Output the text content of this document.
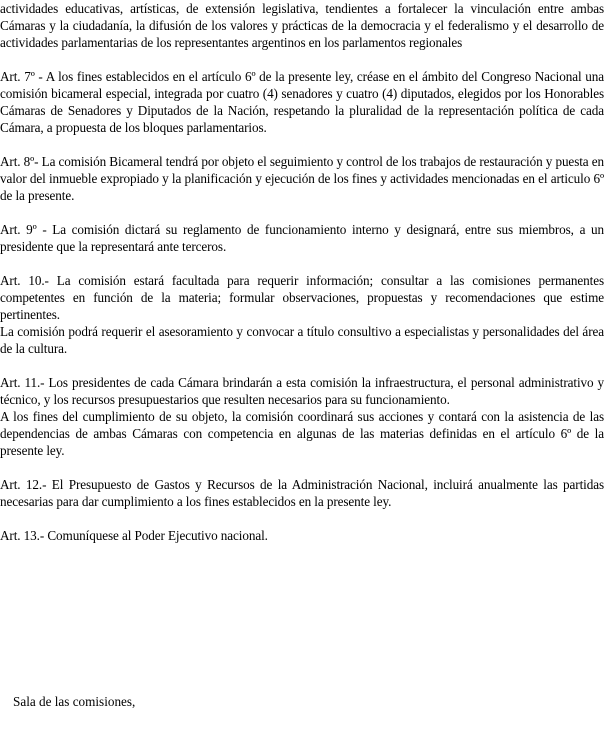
actividades educativas, artísticas, de extensión legislativa, tendientes a fortalecer la vinculación entre ambas Cámaras y la ciudadanía, la difusión de los valores y prácticas de la democracia y el federalismo y el desarrollo de actividades parlamentarias de los representantes argentinos en los parlamentos regionales

Art. 7º - A los fines establecidos en el artículo 6º de la presente ley, créase en el ámbito del Congreso Nacional una comisión bicameral especial, integrada por cuatro (4) senadores y cuatro (4) diputados, elegidos por los Honorables Cámaras de Senadores y Diputados de la Nación, respetando la pluralidad de la representación política de cada Cámara, a propuesta de los bloques parlamentarios.

Art. 8º- La comisión Bicameral tendrá por objeto el seguimiento y control de los trabajos de restauración y puesta en valor del inmueble expropiado y la planificación y ejecución de los fines y actividades mencionadas en el articulo 6º de la presente.

Art. 9º - La comisión dictará su reglamento de funcionamiento interno y designará, entre sus miembros, a un presidente que la representará ante terceros.

Art. 10.- La comisión estará facultada para requerir información; consultar a las comisiones permanentes competentes en función de la materia; formular observaciones, propuestas y recomendaciones que estime pertinentes.

La comisión podrá requerir el asesoramiento y convocar a título consultivo a especialistas y personalidades del área de la cultura.

Art. 11.- Los presidentes de cada Cámara brindarán a esta comisión la infraestructura, el personal administrativo y técnico, y los recursos presupuestarios que resulten necesarios para su funcionamiento.

A los fines del cumplimiento de su objeto, la comisión coordinará sus acciones y contará con la asistencia de las dependencias de ambas Cámaras con competencia en algunas de las materias definidas en el artículo 6º de la presente ley.

Art. 12.- El Presupuesto de Gastos y Recursos de la Administración Nacional, incluirá anualmente las partidas necesarias para dar cumplimiento a los fines establecidos en la presente ley.

Art. 13.- Comuníquese al Poder Ejecutivo nacional.

Sala de las comisiones,
